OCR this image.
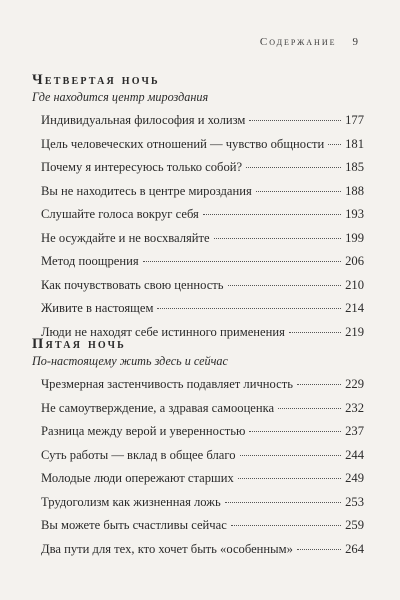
Содержание 9
Четвертая ночь

Где находится центр мироздания

Индивидуальная философия и холизм	177
Цель человеческих отношений — чувство общности 181
Почему я интересуюсь только собой?	185
Вы не находитесь в центре мироздания	188
Слушайте голоса вокруг себя	193
Не осуждайте и не восхваляйте	199
Метод поощрения	206
Как почувствовать свою ценность	210
Живите в настоящем	214
Люди не находят себе истинного применения	219
Пятая ночь

По-настоящему жить здесь и сейчас

Чрезмерная застенчивость подавляет личность	229
Не самоутверждение, а здравая самооценка	232
Разница между верой и уверенностью	237
Суть работы — вклад в общее благо	244
Молодые люди опережают старших	249
Трудоголизм как жизненная ложь	253
Вы можете быть счастливы сейчас	259
Два пути для тех, кто хочет быть «особенным»	264
